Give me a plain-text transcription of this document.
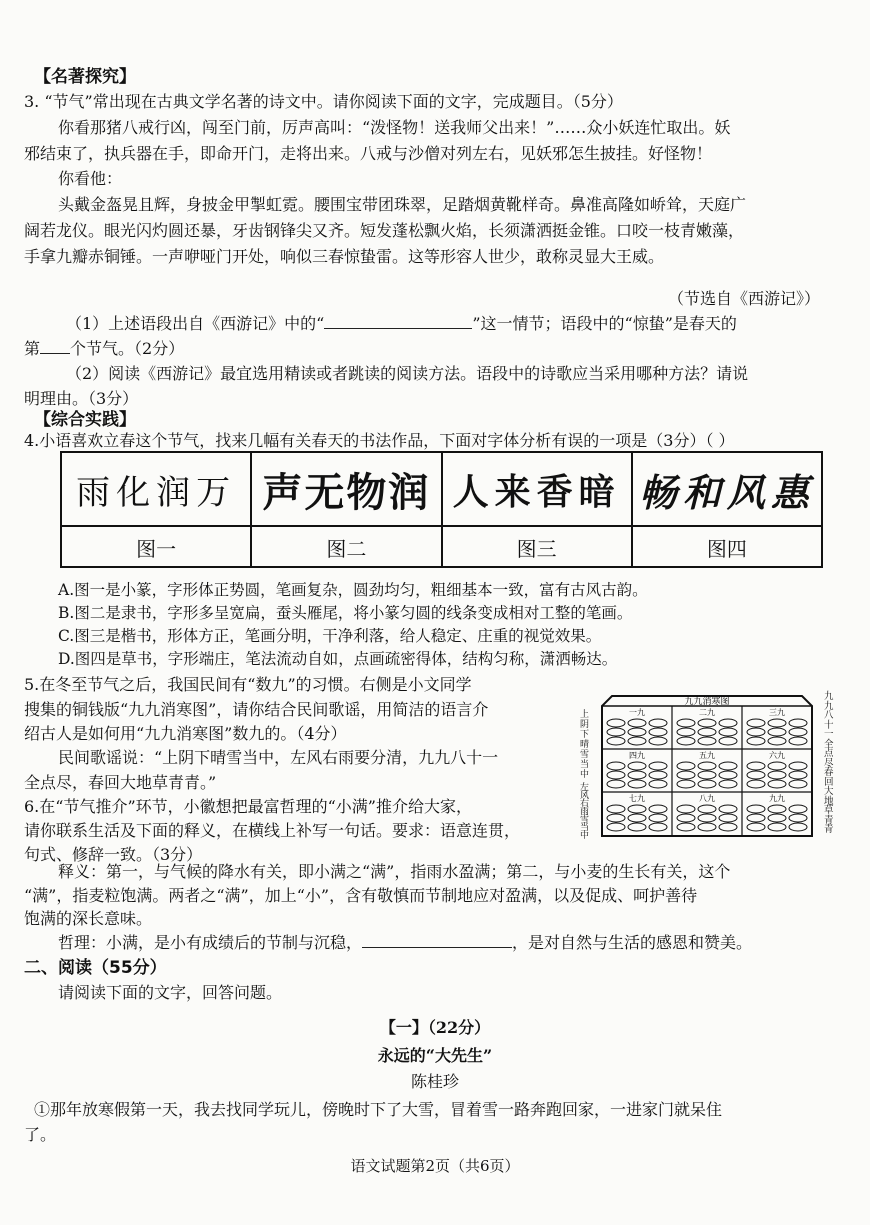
【名著探究】
3. “节气”常出现在古典文学名著的诗文中。请你阅读下面的文字，完成题目。（5分）
你看那猪八戒行凶，闯至门前，厉声高叫：“泼怪物！送我师父出来！”……众小妖连忙取出。妖
邪结束了，执兵器在手，即命开门，走将出来。八戒与沙僧对列左右，见妖邪怎生披挂。好怪物！
你看他：
头戴金盔晃且辉，身披金甲掣虹霓。腰围宝带团珠翠，足踏烟黄靴样奇。鼻准高隆如峤耸，天庭广
阔若龙仪。眼光闪灼圆还暴，牙齿钢锋尖又齐。短发蓬松飘火焰，长须潇洒挺金锥。口咬一枝青嫩藻，
手拿九瓣赤铜锤。一声咿哑门开处，响似三春惊蛰雷。这等形容人世少，敢称灵显大王威。
（节选自《西游记》）
（1）上述语段出自《西游记》中的“	”这一情节；语段中的“惊蛰”是春天的
第 个节气。（2分）
（2）阅读《西游记》最宜选用精读或者跳读的阅读方法。语段中的诗歌应当采用哪种方法？请说
明理由。（3分）
【综合实践】
4.小语喜欢立春这个节气，找来几幅有关春天的书法作品，下面对字体分析有误的一项是（3分）（ ）
雨化润万 声无物润 人来香暗 畅和风惠
图一	图二	图三	图四
A.图一是小篆，字形体正势圆，笔画复杂，圆劲均匀，粗细基本一致，富有古风古韵。
B.图二是隶书，字形多呈宽扁，蚕头雁尾，将小篆匀圆的线条变成相对工整的笔画。
C.图三是楷书，形体方正，笔画分明，干净利落，给人稳定、庄重的视觉效果。
D.图四是草书，字形端庄，笔法流动自如，点画疏密得体，结构匀称，潇洒畅达。
5.在冬至节气之后，我国民间有“数九”的习惯。右侧是小文同学
搜集的铜钱版“九九消寒图”，请你结合民间歌谣，用简洁的语言介
绍古人是如何用“九九消寒图”数九的。（4分）
民间歌谣说：“上阴下晴雪当中，左风右雨要分清，九九八十一
全点尽，春回大地草青青。”
九九消寒图
一九	二九	三九
四九	五九	六九
七九	八九	九九
上阴下晴雪当中
左风右雨雪当中
九九八十一全点尽 春回大地草青青
6.在“节气推介”环节，小徽想把最富哲理的“小满”推介给大家，
请你联系生活及下面的释义，在横线上补写一句话。要求：语意连贯，
句式、修辞一致。（3分）
释义：第一，与气候的降水有关，即小满之“满”，指雨水盈满；第二，与小麦的生长有关，这个
“满”，指麦粒饱满。两者之“满”，加上“小”，含有敬慎而节制地应对盈满，以及促成、呵护善待
饱满的深长意味。
哲理：小满，是小有成绩后的节制与沉稳，	，是对自然与生活的感恩和赞美。
二、阅读（55分）
请阅读下面的文字，回答问题。
【一】（22分）
永远的“大先生”
陈桂珍
①那年放寒假第一天，我去找同学玩儿，傍晚时下了大雪，冒着雪一路奔跑回家，一进家门就呆住
了。
语文试题第2页（共6页）
